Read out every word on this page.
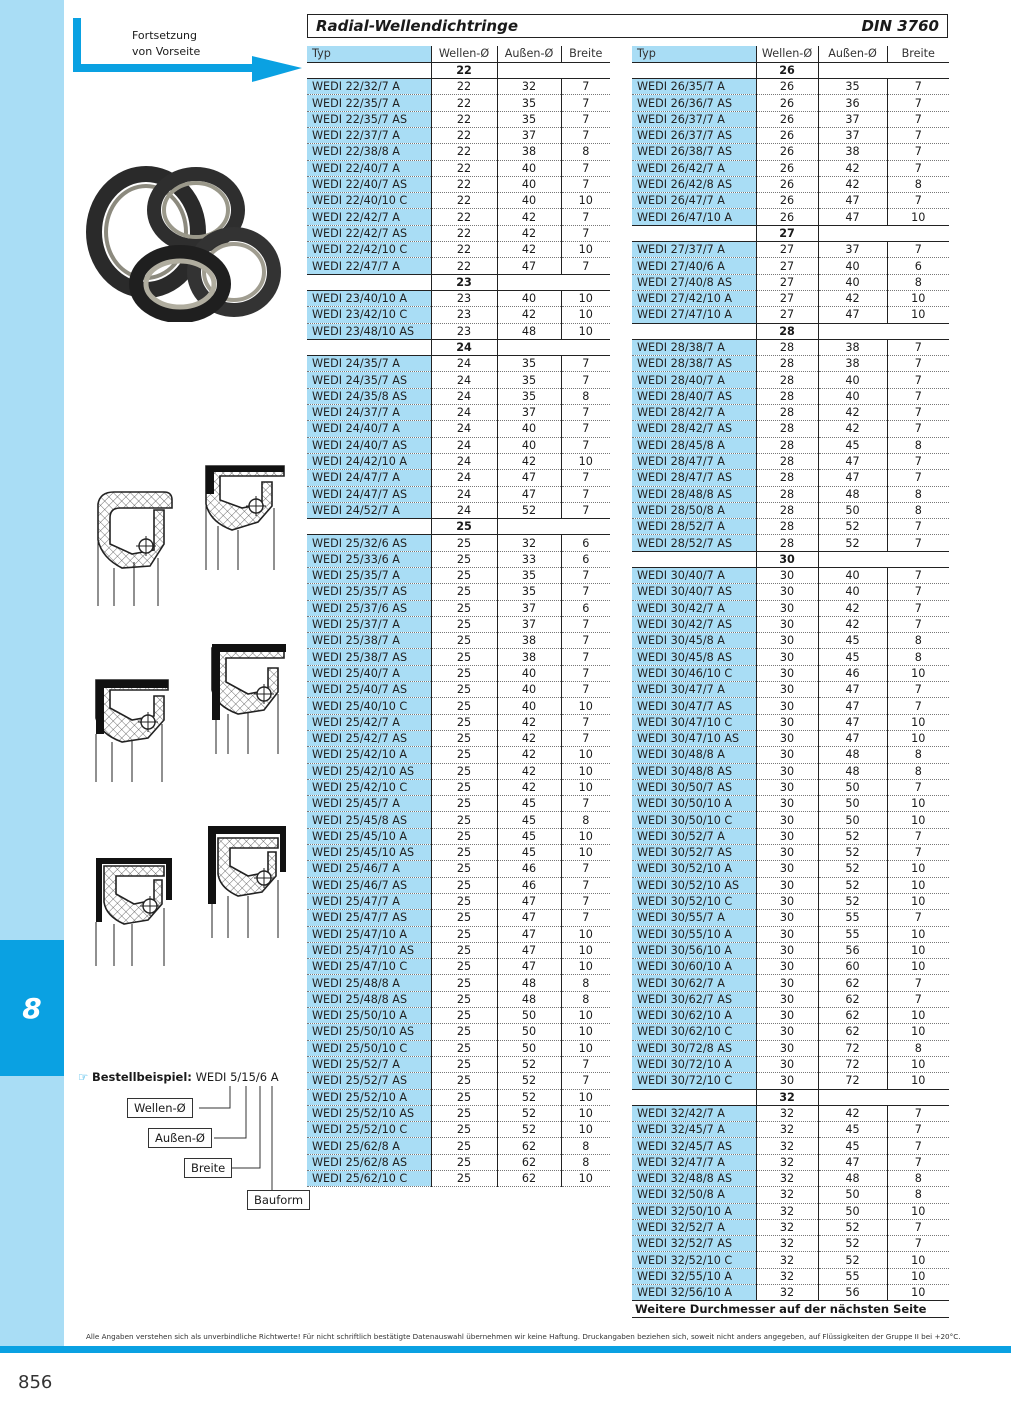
8
Fortsetzung
von Vorseite
Radial-Wellendichtringe	DIN 3760
Typ	Wellen-Ø	Außen-Ø	Breite
	22		
WEDI 22/32/7 A	22	32	7
WEDI 22/35/7 A	22	35	7
WEDI 22/35/7 AS	22	35	7
WEDI 22/37/7 A	22	37	7
WEDI 22/38/8 A	22	38	8
WEDI 22/40/7 A	22	40	7
WEDI 22/40/7 AS	22	40	7
WEDI 22/40/10 C	22	40	10
WEDI 22/42/7 A	22	42	7
WEDI 22/42/7 AS	22	42	7
WEDI 22/42/10 C	22	42	10
WEDI 22/47/7 A	22	47	7
	23		
WEDI 23/40/10 A	23	40	10
WEDI 23/42/10 C	23	42	10
WEDI 23/48/10 AS	23	48	10
	24		
WEDI 24/35/7 A	24	35	7
WEDI 24/35/7 AS	24	35	7
WEDI 24/35/8 AS	24	35	8
WEDI 24/37/7 A	24	37	7
WEDI 24/40/7 A	24	40	7
WEDI 24/40/7 AS	24	40	7
WEDI 24/42/10 A	24	42	10
WEDI 24/47/7 A	24	47	7
WEDI 24/47/7 AS	24	47	7
WEDI 24/52/7 A	24	52	7
	25		
WEDI 25/32/6 AS	25	32	6
WEDI 25/33/6 A	25	33	6
WEDI 25/35/7 A	25	35	7
WEDI 25/35/7 AS	25	35	7
WEDI 25/37/6 AS	25	37	6
WEDI 25/37/7 A	25	37	7
WEDI 25/38/7 A	25	38	7
WEDI 25/38/7 AS	25	38	7
WEDI 25/40/7 A	25	40	7
WEDI 25/40/7 AS	25	40	7
WEDI 25/40/10 C	25	40	10
WEDI 25/42/7 A	25	42	7
WEDI 25/42/7 AS	25	42	7
WEDI 25/42/10 A	25	42	10
WEDI 25/42/10 AS	25	42	10
WEDI 25/42/10 C	25	42	10
WEDI 25/45/7 A	25	45	7
WEDI 25/45/8 AS	25	45	8
WEDI 25/45/10 A	25	45	10
WEDI 25/45/10 AS	25	45	10
WEDI 25/46/7 A	25	46	7
WEDI 25/46/7 AS	25	46	7
WEDI 25/47/7 A	25	47	7
WEDI 25/47/7 AS	25	47	7
WEDI 25/47/10 A	25	47	10
WEDI 25/47/10 AS	25	47	10
WEDI 25/47/10 C	25	47	10
WEDI 25/48/8 A	25	48	8
WEDI 25/48/8 AS	25	48	8
WEDI 25/50/10 A	25	50	10
WEDI 25/50/10 AS	25	50	10
WEDI 25/50/10 C	25	50	10
WEDI 25/52/7 A	25	52	7
WEDI 25/52/7 AS	25	52	7
WEDI 25/52/10 A	25	52	10
WEDI 25/52/10 AS	25	52	10
WEDI 25/52/10 C	25	52	10
WEDI 25/62/8 A	25	62	8
WEDI 25/62/8 AS	25	62	8
WEDI 25/62/10 C	25	62	10
Typ	Wellen-Ø	Außen-Ø	Breite
	26		
WEDI 26/35/7 A	26	35	7
WEDI 26/36/7 AS	26	36	7
WEDI 26/37/7 A	26	37	7
WEDI 26/37/7 AS	26	37	7
WEDI 26/38/7 AS	26	38	7
WEDI 26/42/7 A	26	42	7
WEDI 26/42/8 AS	26	42	8
WEDI 26/47/7 A	26	47	7
WEDI 26/47/10 A	26	47	10
	27		
WEDI 27/37/7 A	27	37	7
WEDI 27/40/6 A	27	40	6
WEDI 27/40/8 AS	27	40	8
WEDI 27/42/10 A	27	42	10
WEDI 27/47/10 A	27	47	10
	28		
WEDI 28/38/7 A	28	38	7
WEDI 28/38/7 AS	28	38	7
WEDI 28/40/7 A	28	40	7
WEDI 28/40/7 AS	28	40	7
WEDI 28/42/7 A	28	42	7
WEDI 28/42/7 AS	28	42	7
WEDI 28/45/8 A	28	45	8
WEDI 28/47/7 A	28	47	7
WEDI 28/47/7 AS	28	47	7
WEDI 28/48/8 AS	28	48	8
WEDI 28/50/8 A	28	50	8
WEDI 28/52/7 A	28	52	7
WEDI 28/52/7 AS	28	52	7
	30		
WEDI 30/40/7 A	30	40	7
WEDI 30/40/7 AS	30	40	7
WEDI 30/42/7 A	30	42	7
WEDI 30/42/7 AS	30	42	7
WEDI 30/45/8 A	30	45	8
WEDI 30/45/8 AS	30	45	8
WEDI 30/46/10 C	30	46	10
WEDI 30/47/7 A	30	47	7
WEDI 30/47/7 AS	30	47	7
WEDI 30/47/10 C	30	47	10
WEDI 30/47/10 AS	30	47	10
WEDI 30/48/8 A	30	48	8
WEDI 30/48/8 AS	30	48	8
WEDI 30/50/7 AS	30	50	7
WEDI 30/50/10 A	30	50	10
WEDI 30/50/10 C	30	50	10
WEDI 30/52/7 A	30	52	7
WEDI 30/52/7 AS	30	52	7
WEDI 30/52/10 A	30	52	10
WEDI 30/52/10 AS	30	52	10
WEDI 30/52/10 C	30	52	10
WEDI 30/55/7 A	30	55	7
WEDI 30/55/10 A	30	55	10
WEDI 30/56/10 A	30	56	10
WEDI 30/60/10 A	30	60	10
WEDI 30/62/7 A	30	62	7
WEDI 30/62/7 AS	30	62	7
WEDI 30/62/10 A	30	62	10
WEDI 30/62/10 C	30	62	10
WEDI 30/72/8 AS	30	72	8
WEDI 30/72/10 A	30	72	10
WEDI 30/72/10 C	30	72	10
	32		
WEDI 32/42/7 A	32	42	7
WEDI 32/45/7 A	32	45	7
WEDI 32/45/7 AS	32	45	7
WEDI 32/47/7 A	32	47	7
WEDI 32/48/8 AS	32	48	8
WEDI 32/50/8 A	32	50	8
WEDI 32/50/10 A	32	50	10
WEDI 32/52/7 A	32	52	7
WEDI 32/52/7 AS	32	52	7
WEDI 32/52/10 C	32	52	10
WEDI 32/55/10 A	32	55	10
WEDI 32/56/10 A	32	56	10
Weitere Durchmesser auf der nächsten Seite			
☞ Bestellbeispiel: WEDI 5/15/6 A
Wellen-Ø
Außen-Ø
Breite
Bauform
Alle Angaben verstehen sich als unverbindliche Richtwerte! Für nicht schriftlich bestätigte Datenauswahl übernehmen wir keine Haftung. Druckangaben beziehen sich, soweit nicht anders angegeben, auf Flüssigkeiten der Gruppe II bei +20°C.
856
